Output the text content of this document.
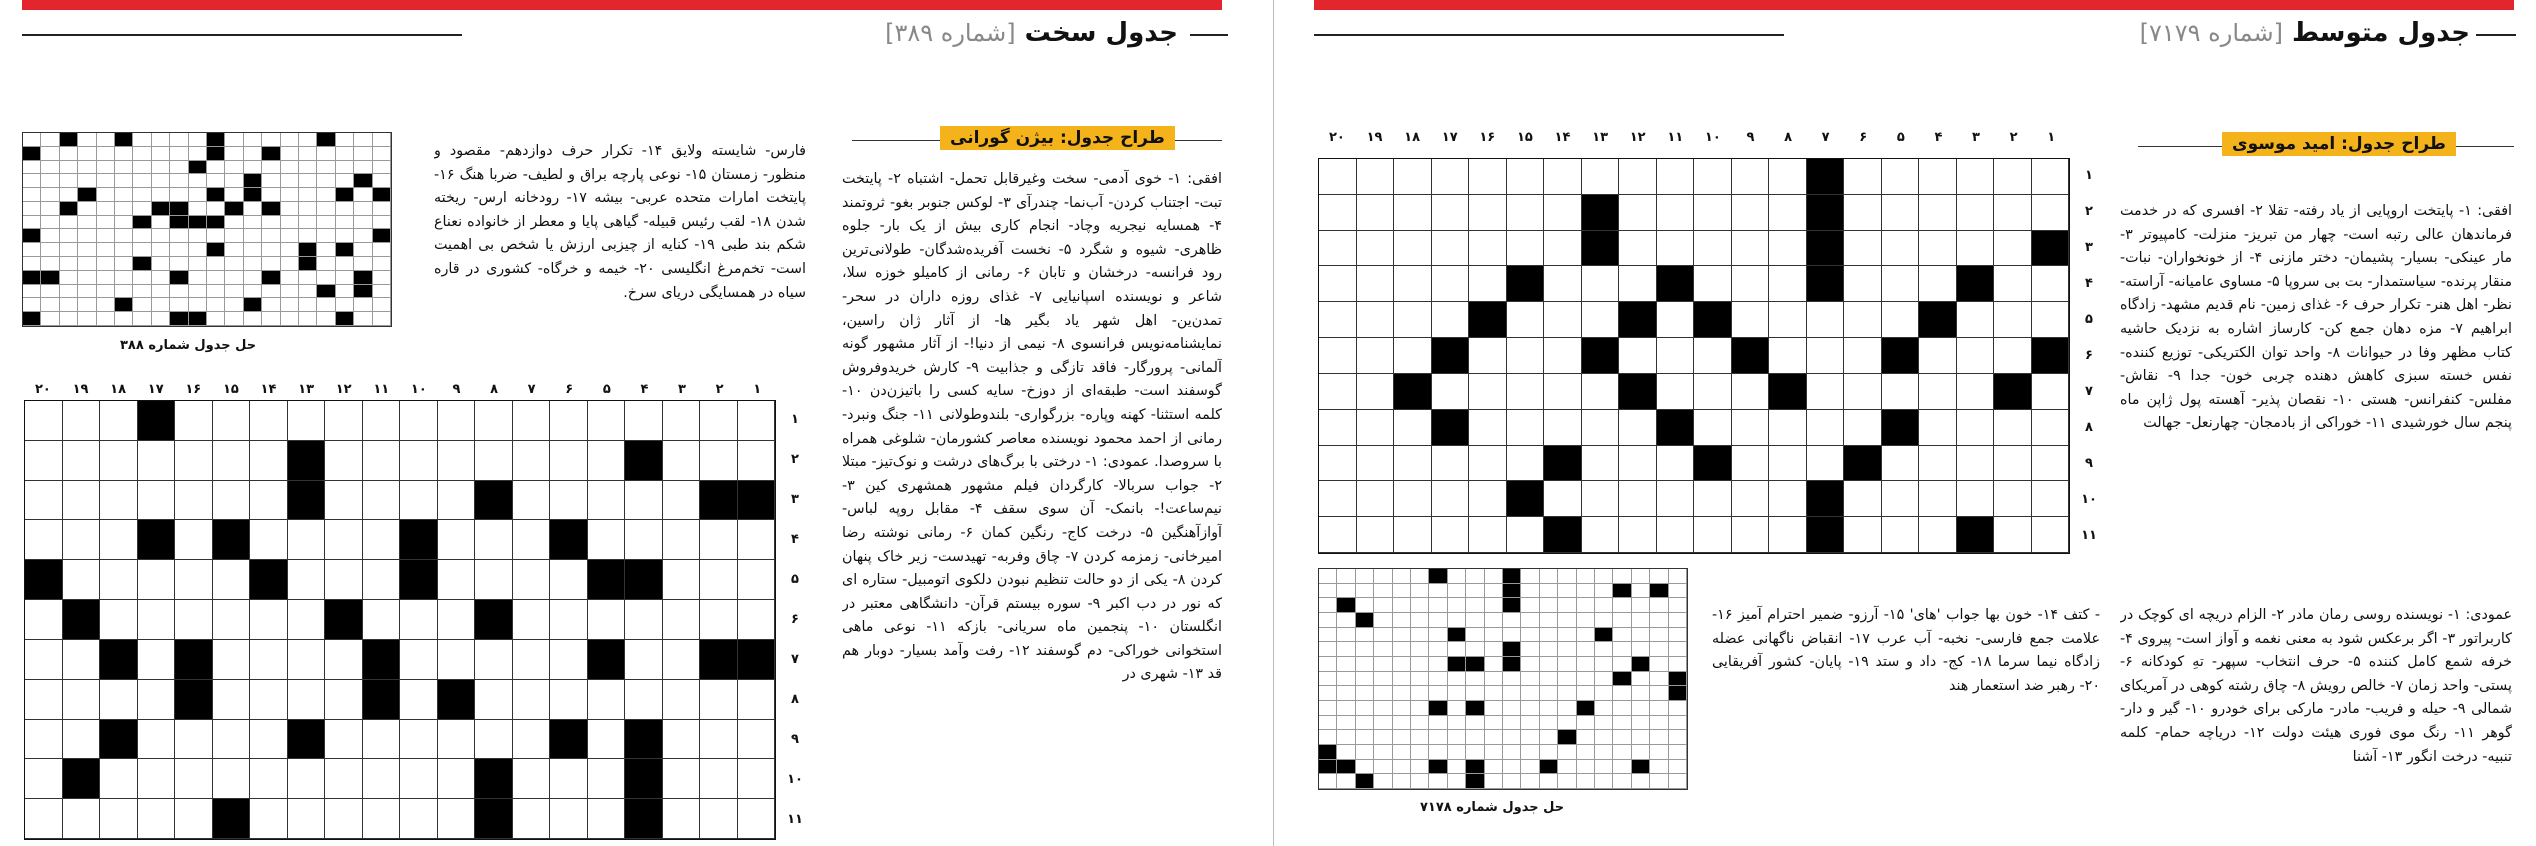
جدول سخت [شماره ۳۸۹]
طراح جدول: بیژن گورانی
افقی: ۱- خوی آدمی- سخت وغیرقابل تحمل- اشتباه ۲- پایتخت تبت- اجتناب کردن- آب‌نما- چندرآی ۳- لوکس جنوبر بغو- ثروتمند ۴- همسایه نیجریه وچاد- انجام کاری بیش از یک بار- جلوه ظاهری- شیوه و شگرد ۵- نخست آفریده‌شدگان- طولانی‌ترین رود فرانسه- درخشان و تابان ۶- رمانی از کامیلو خوزه سلا، شاعر و نویسنده اسپانیایی ۷- غذای روزه داران در سحر- تمدن‌ین- اهل شهر یاد بگیر ها- از آثار ژان راسین، نمایشنامه‌نویس فرانسوی ۸- نیمی از دنیا!- از آثار مشهور گونه آلمانی- پرورگار- فاقد تازگی و جذابیت ۹- کارش خریدوفروش گوسفند است- طبقه‌ای از دوزخ- سایه کسی را باتیزن‌دن ۱۰- کلمه استثنا- کهنه وپاره- بزرگواری- بلندوطولانی ۱۱- جنگ ونبرد- رمانی از احمد محمود نویسنده معاصر کشورمان- شلوغی همراه با سروصدا. عمودی: ۱- درختی با برگ‌های درشت و نوک‌تیز- مبتلا ۲- جواب سربالا- کارگردان فیلم مشهور همشهری کین ۳- نیم‌ساعت!- بانمک- آن سوی سقف ۴- مقابل روپه لباس- آوازآهنگین ۵- درخت کاج- رنگین کمان ۶- رمانی نوشته رضا امیرخانی- زمزمه کردن ۷- چاق وفربه- تهیدست- زیر خاک پنهان کردن ۸- یکی از دو حالت تنظیم نبودن دلکوی اتومبیل- ستاره ای که نور در دب اکبر ۹- سوره بیستم قرآن- دانشگاهی معتبر در انگلستان ۱۰- پنجمین ماه سریانی- بازکه ۱۱- نوعی ماهی استخوانی خوراکی- دم گوسفند ۱۲- رفت وآمد بسیار- دوبار هم قد ۱۳- شهری در
فارس- شایسته ولایق ۱۴- تکرار حرف دوازدهم- مقصود و منظور- زمستان ۱۵- نوعی پارچه براق و لطیف- ضربا هنگ ۱۶- پایتخت امارات متحده عربی- بیشه ۱۷- رودخانه ارس- ریخته شدن ۱۸- لقب رئیس قبیله- گیاهی پایا و معطر از خانواده نعناع شکم بند طبی ۱۹- کنایه از چیزبی ارزش یا شخص بی اهمیت است- تخم‌مرغ انگلیسی ۲۰- خیمه و خرگاه- کشوری در قاره سیاه در همسایگی دریای سرخ.
حل جدول شماره ۳۸۸
۱
۲
۳
۴
۵
۶
۷
۸
۹
۱۰
۱۱
۱۲
۱۳
۱۴
۱۵
۱۶
۱۷
۱۸
۱۹
۲۰
۱
۲
۳
۴
۵
۶
۷
۸
۹
۱۰
۱۱
جدول متوسط [شماره ۷۱۷۹]
طراح جدول: امید موسوی
افقی: ۱- پایتخت اروپایی از یاد رفته- تقلا ۲- افسری که در خدمت فرماندهان عالی رتبه است- چهار من تبریز- منزلت- کامپیوتر ۳- مار عینکی- بسیار- پشیمان- دختر مازنی ۴- از خونخواران- نبات- منقار پرنده- سیاستمدار- بت بی سروپا ۵- مساوی عامیانه- آراسته- نظر- اهل هنر- تکرار حرف ۶- غذای زمین- نام قدیم مشهد- زادگاه ابراهیم ۷- مزه دهان جمع کن- کارساز اشاره به نزدیک حاشیه کتاب مظهر وفا در حیوانات ۸- واحد توان الکتریکی- توزیع کننده- نفس خسته سبزی کاهش دهنده چربی خون- جدا ۹- نقاش- مفلس- کنفرانس- هستی ۱۰- نقصان پذیر- آهسته پول ژاپن ماه پنجم سال خورشیدی ۱۱- خوراکی از بادمجان- چهارنعل- جهالت
عمودی: ۱- نویسنده روسی رمان مادر ۲- الزام دریچه ای کوچک در کاربراتور ۳- اگر برعکس شود به معنی نغمه و آواز است- پیروی ۴- خرفه شمع کامل کننده ۵- حرف انتخاب- سپهر- تهِ کودکانه ۶- پستی- واحد زمان ۷- خالص رویش ۸- چاق رشته کوهی در آمریکای شمالی ۹- حیله و فریب- مادر- مارکی برای خودرو ۱۰- گیر و دار- گوهر ۱۱- رنگ موی فوری هیئت دولت ۱۲- دریاچه حمام- کلمه تنبیه- درخت انگور ۱۳- آشنا
- کتف ۱۴- خون بها جواب 'های' ۱۵- آرزو- ضمیر احترام آمیز ۱۶- علامت جمع فارسی- نخبه- آب عرب ۱۷- انقباض ناگهانی عضله زادگاه نیما سرما ۱۸- کج- داد و ستد ۱۹- پایان- کشور آفریقایی ۲۰- رهبر ضد استعمار هند
۱
۲
۳
۴
۵
۶
۷
۸
۹
۱۰
۱۱
۱۲
۱۳
۱۴
۱۵
۱۶
۱۷
۱۸
۱۹
۲۰
۱
۲
۳
۴
۵
۶
۷
۸
۹
۱۰
۱۱
حل جدول شماره ۷۱۷۸
